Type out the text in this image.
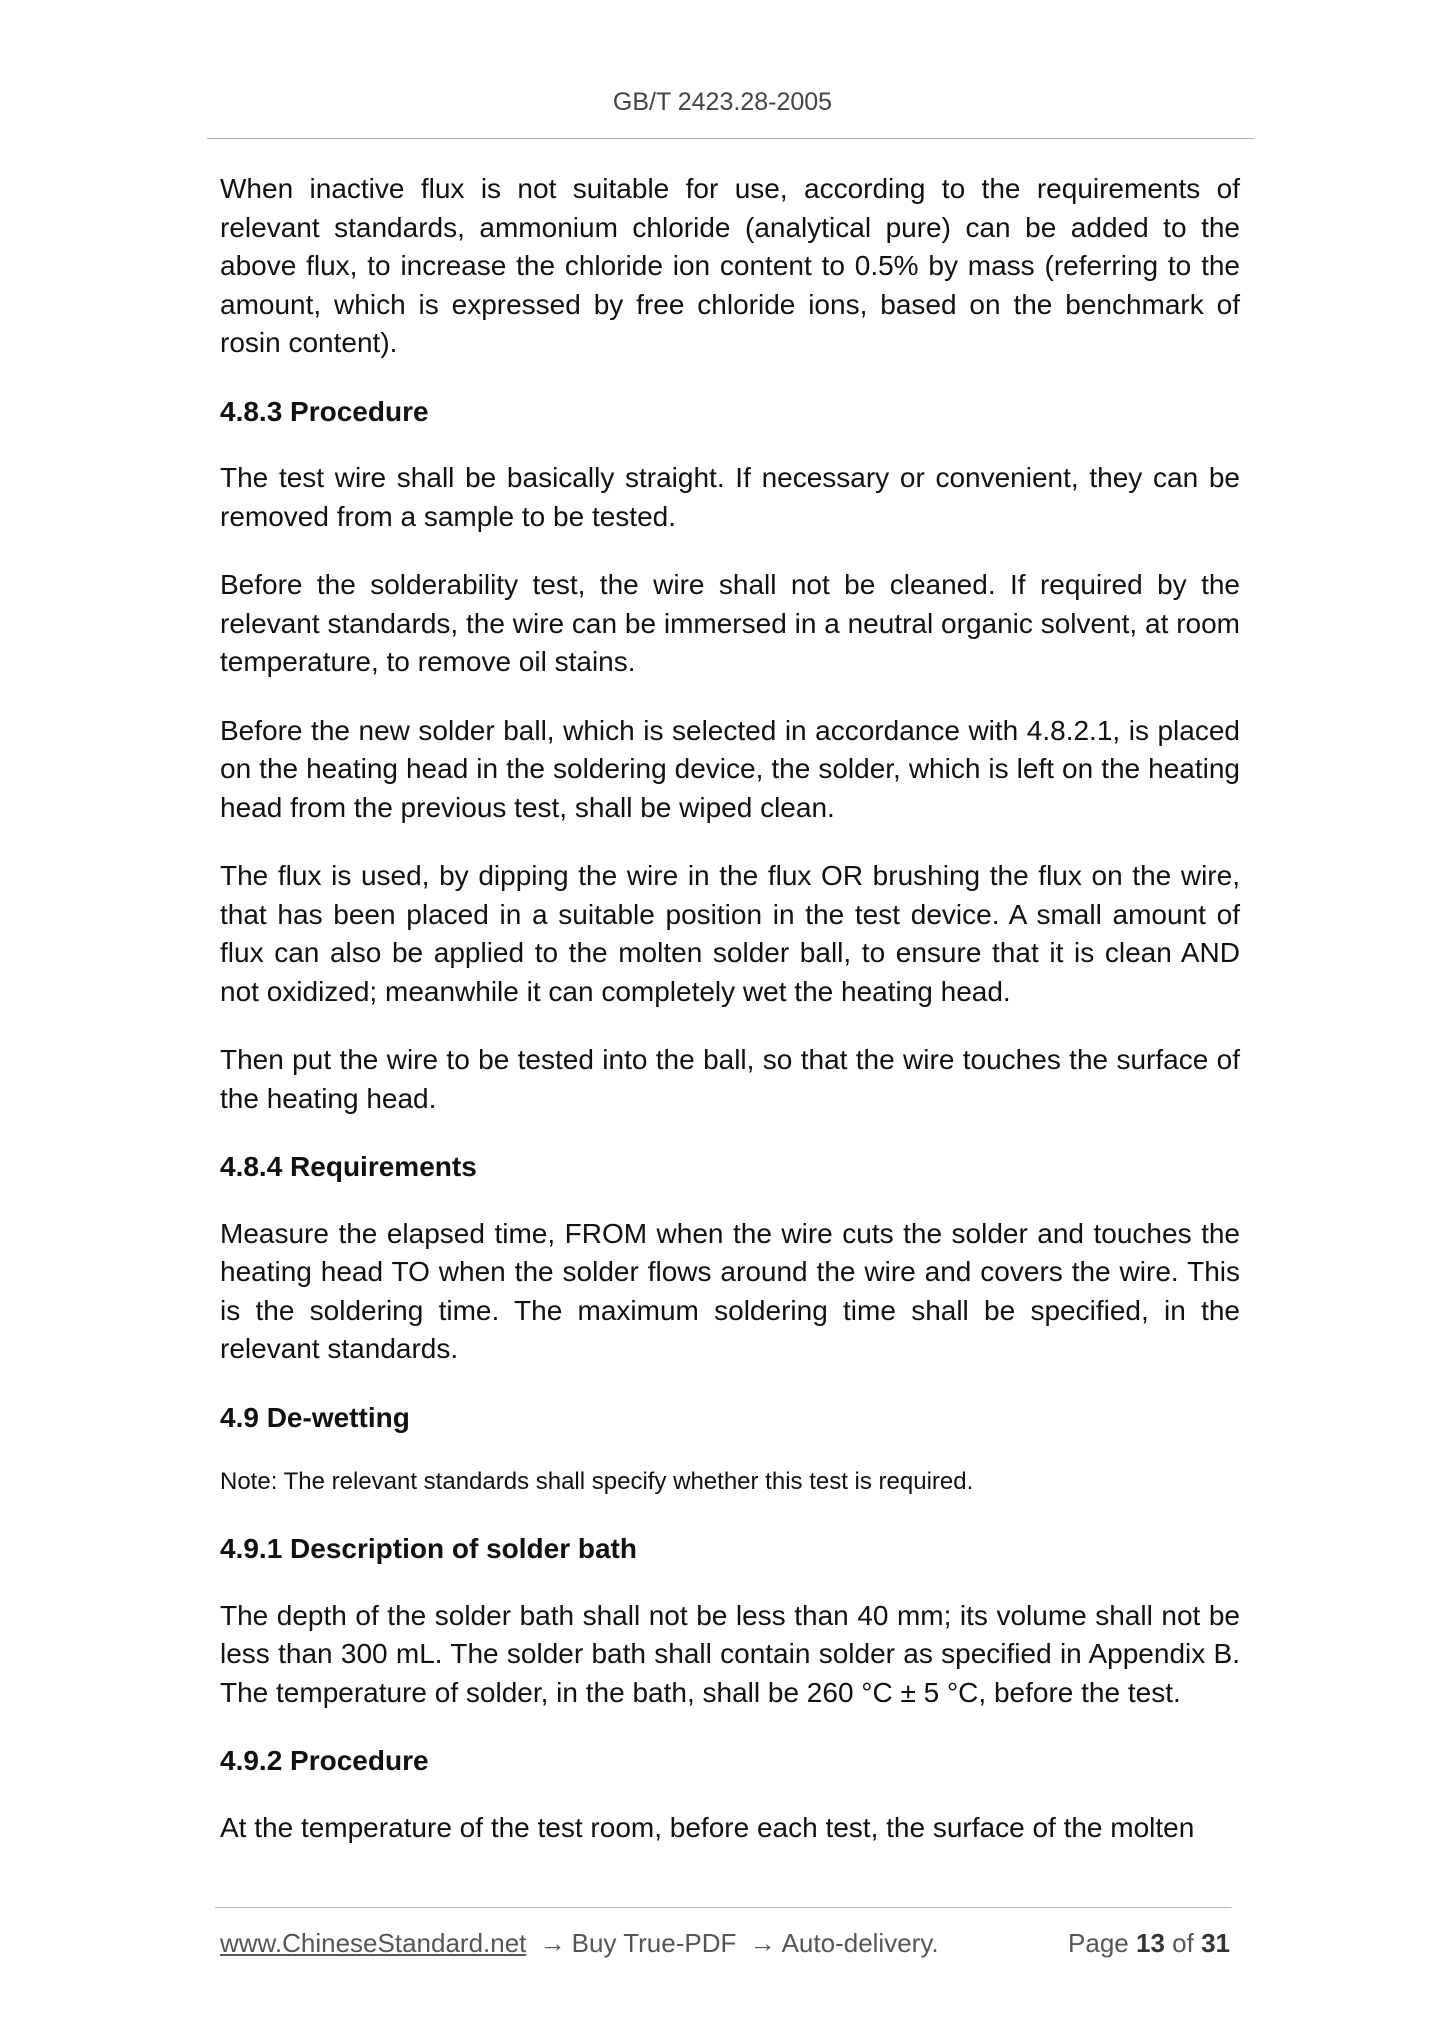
GB/T 2423.28-2005

When inactive flux is not suitable for use, according to the requirements of relevant standards, ammonium chloride (analytical pure) can be added to the above flux, to increase the chloride ion content to 0.5% by mass (referring to the amount, which is expressed by free chloride ions, based on the benchmark of rosin content).

4.8.3 Procedure

The test wire shall be basically straight. If necessary or convenient, they can be removed from a sample to be tested.

Before the solderability test, the wire shall not be cleaned. If required by the relevant standards, the wire can be immersed in a neutral organic solvent, at room temperature, to remove oil stains.

Before the new solder ball, which is selected in accordance with 4.8.2.1, is placed on the heating head in the soldering device, the solder, which is left on the heating head from the previous test, shall be wiped clean.

The flux is used, by dipping the wire in the flux OR brushing the flux on the wire, that has been placed in a suitable position in the test device. A small amount of flux can also be applied to the molten solder ball, to ensure that it is clean AND not oxidized; meanwhile it can completely wet the heating head.

Then put the wire to be tested into the ball, so that the wire touches the surface of the heating head.

4.8.4 Requirements

Measure the elapsed time, FROM when the wire cuts the solder and touches the heating head TO when the solder flows around the wire and covers the wire. This is the soldering time. The maximum soldering time shall be specified, in the relevant standards.

4.9 De-wetting

Note: The relevant standards shall specify whether this test is required.

4.9.1 Description of solder bath

The depth of the solder bath shall not be less than 40 mm; its volume shall not be less than 300 mL. The solder bath shall contain solder as specified in Appendix B. The temperature of solder, in the bath, shall be 260 °C ± 5 °C, before the test.

4.9.2 Procedure

At the temperature of the test room, before each test, the surface of the molten

www.ChineseStandard.net → Buy True-PDF → Auto-delivery.	Page 13 of 31
